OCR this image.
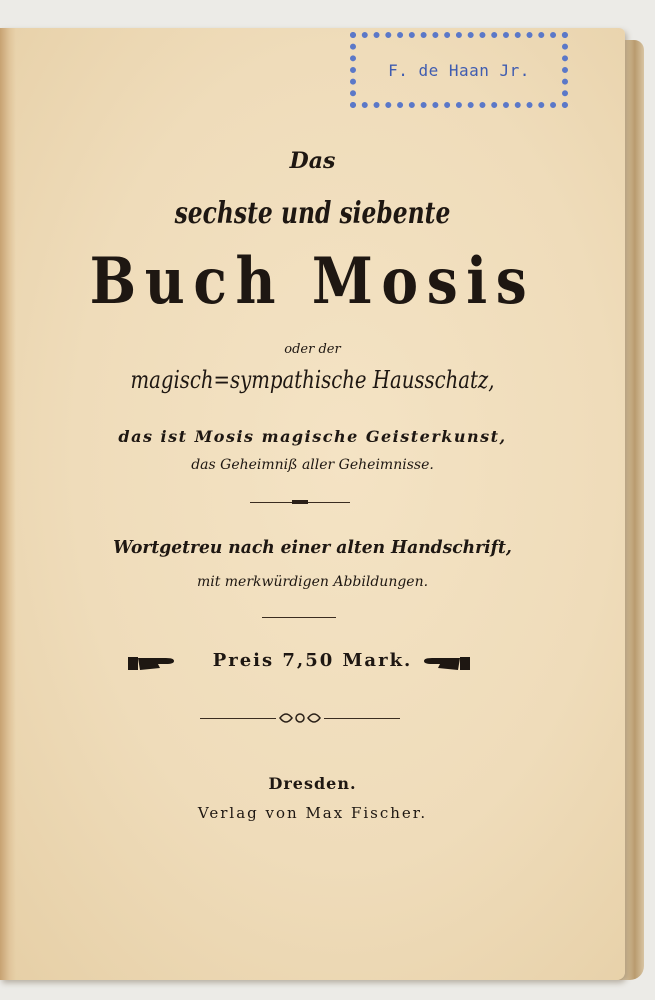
F. de Haan Jr.
Das
sechste und siebente
Buch Mosis
oder der
magisch=sympathische Hausschatz,
das ist Mosis magische Geisterkunst,
das Geheimniß aller Geheimnisse.
Wortgetreu nach einer alten Handschrift,
mit merkwürdigen Abbildungen.
Preis 7,50 Mark.
Dresden.
Verlag von Max Fischer.
